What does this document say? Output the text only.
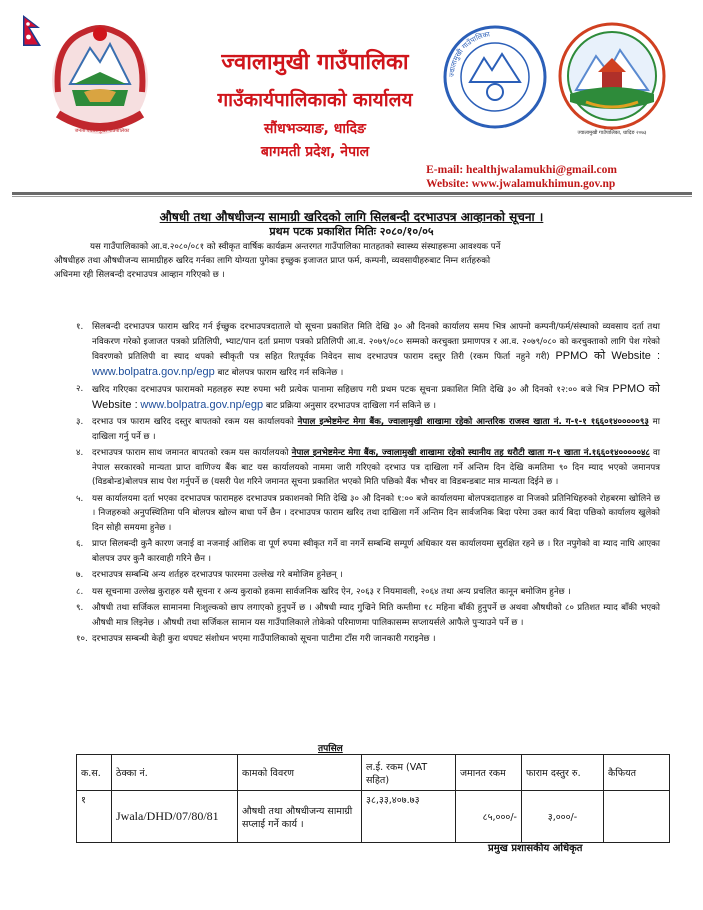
जनता ज्वालामुखी गाउँपालिका
ज्वालामुखी गाउँपालिका
गाउँकार्यपालिकाको कार्यालय
सौंधभञ्याङ, धादिङ
बागमती प्रदेश, नेपाल
ज्वालामुखी गाउँपालिका
ज्वालामुखी गाउँपालिका, धादिङ २०७३
E-mail: healthjwalamukhi@gmail.com
Website: www.jwalamukhimun.gov.np
औषधी तथा औषधीजन्य सामाग्री खरिदको लागि सिलबन्दी दरभाउपत्र आव्हानको सूचना ।
प्रथम पटक प्रकाशित मितिः २०८०/१०/०५
यस गाउँपालिकाको आ.व.२०८०/०८१ को स्वीकृत वार्षिक कार्यक्रम अन्तरगत गाउँपालिका मातहतको स्वास्थ्य संस्थाहरूमा आवश्यक पर्ने
औषधीहरु तथा औषधीजन्य सामाग्रीहरु खरिद गर्नका लागि योग्यता पुगेका इच्छुक इजाजत प्राप्त फर्म, कम्पनी, व्यवसायीहरुबाट निम्न शर्तहरुको
अधिनमा रही सिलबन्दी दरभाउपत्र आव्हान गरिएको छ ।
१.	सिलबन्दी दरभाउपत्र फाराम खरिद गर्न ईच्छुक दरभाउपत्रदाताले यो सूचना प्रकाशित मिति देखि ३० औ दिनको कार्यालय समय भित्र आफ्नो कम्पनी/फर्म/संस्थाको व्यवसाय दर्ता तथा नविकरण गरेको इजाजत पत्रको प्रतिलिपी, भ्याट/पान दर्ता प्रमाण पत्रको प्रतिलिपी आ.व. २०७९/०८० सम्मको करचुक्ता प्रमाणपत्र र आ.व. २०७९/०८० को करचुक्ताको लागि पेश गरेको विवरणको प्रतिलिपी वा स्याद थपको स्वीकृती पत्र सहित रितपूर्वक निवेदन साथ दरभाउपत्र फाराम दस्तुर तिरी (रकम फिर्ता नहुने गरी) PPMO को Website : www.bolpatra.gov.np/egp बाट बोलपत्र फाराम खरिद गर्न सकिनेछ ।
२.	खरिद गरिएका दरभाउपत्र फारामको महलहरु स्पष्ट रुपमा भरी प्रत्येक पानामा सहिछाप गरी प्रथम पटक सूचना प्रकाशित मिति देखि ३० औ दिनको १२:०० बजे भित्र PPMO को Website : www.bolpatra.gov.np/egp बाट प्रक्रिया अनुसार दरभाउपत्र दाखिला गर्न सकिने छ ।
३.	दरभाउ पत्र फाराम खरिद दस्तुर बापतको रकम यस कार्यालयको नेपाल इन्भेष्टमेन्ट मेगा बैंक, ज्वालामुखी शाखामा रहेको आन्तरिक राजस्व खाता नं. ग-१-१ १६६०१४०००००९३ मा दाखिला गर्नु पर्ने छ ।
४.	दरभाउपत्र फाराम साथ जमानत बापतको रकम यस कार्यालयको नेपाल इनभेष्टमेन्ट मेगा बैंक, ज्वालामुखी शाखामा रहेको स्थानीय तह धरौटी खाता ग-१ खाता नं.१६६०१४०००००४८ वा नेपाल सरकारको मान्यता प्राप्त वाणिज्य बैंक बाट यस कार्यालयको नाममा जारी गरिएको दरभाउ पत्र दाखिला गर्ने अन्तिम दिन देखि कमतिमा ९० दिन म्याद भएको जमानपत्र (विडबोन्ड)बोलपत्र साथ पेश गर्नुपर्ने छ (यसरी पेश गरिने जमानत सूचना प्रकाशित भएको मिति पछिको बैंक भौचर वा विडबन्डबाट मात्र मान्यता दिईने छ ।
५.	यस कार्यालयमा दर्ता भएका दरभाउपत्र फारामहरु दरभाउपत्र प्रकाशनको मिति देखि ३० औ दिनको १:०० बजे कार्यालयमा बोलपत्रदाताहरु वा निजको प्रतिनिधिहरुको रोहबरमा खोलिने छ । निजहरुको अनुपस्थितिमा पनि बोलपत्र खोल्न बाधा पर्ने छैन । दरभाउपत्र फाराम खरिद तथा दाखिला गर्ने अन्तिम दिन सार्वजनिक बिदा परेमा उक्त कार्य बिदा पछिको कार्यालय खुलेको दिन सोही समयमा हुनेछ ।
६.	प्राप्त सिलबन्दी कुनै कारण जनाई वा नजनाई आंशिक वा पूर्ण रुपमा स्वीकृत गर्ने वा नगर्ने सम्बन्धि सम्पूर्ण अधिकार यस कार्यालयमा सुरक्षित रहने छ । रित नपुगेको वा म्याद नाघि आएका बोलपत्र उपर कुनै कारवाही गरिने छैन ।
७.	दरभाउपत्र सम्बन्धि अन्य शर्तहरु दरभाउपत्र फारममा उल्लेख गरे बमोजिम हुनेछन् ।
८.	यस सूचनामा उल्लेख कुराहरु यसै सूचना र अन्य कुराको हकमा सार्वजनिक खरिद ऐन, २०६३ र नियमावली, २०६४ तथा अन्य प्रचलित कानून बमोजिम हुनेछ ।
९.	औषधी तथा सर्जिकल सामानमा निःशुल्कको छाप लगाएको हुनुपर्ने छ । औषधी म्याद गुज्रिने मिति कम्तीमा १८ महिना बाँकी हुनुपर्ने छ अथवा औषधीको ८० प्रतिशत म्याद बाँकी भएको औषधी मात्र लिइनेछ । औषधी तथा सर्जिकल सामान यस गाउँपालिकाले तोकेको परिमाणमा पालिकासम्म सप्लायर्सले आफैले पुऱ्याउने पर्ने छ ।
१०. दरभाउपत्र सम्बन्धी केही कुरा थपघट संशोधन भएमा गाउँपालिकाको सूचना पाटीमा टाँस गरी जानकारी गराइनेछ ।
तपसिल
क.स.	ठेक्का नं.	कामको विवरण	ल.ई. रकम (VAT सहित)	जमानत रकम	फाराम दस्तुर रु.	कैफियत
१	Jwala/DHD/07/80/81	औषधी तथा औषधीजन्य सामाग्री सप्लाई गर्ने कार्य ।	३८,३३,४०७.७३	८५,०००/-	३,०००/-	
प्रमुख प्रशासकीय अधिकृत
